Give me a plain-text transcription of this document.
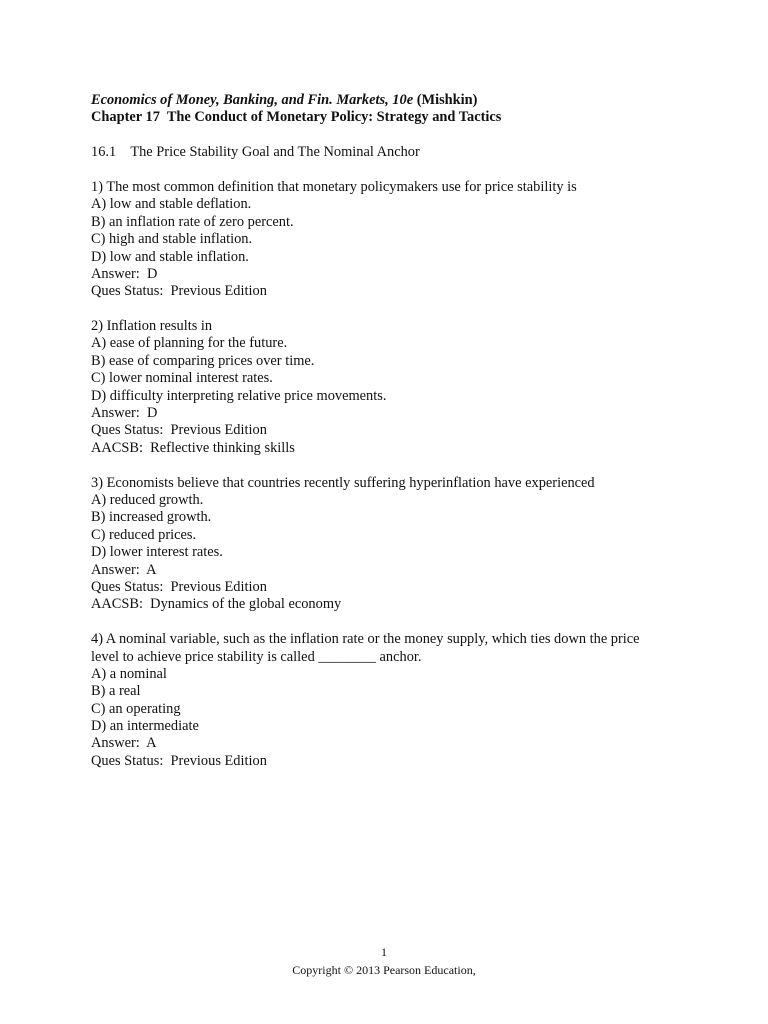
Economics of Money, Banking, and Fin. Markets, 10e (Mishkin)
Chapter 17  The Conduct of Monetary Policy: Strategy and Tactics
16.1    The Price Stability Goal and The Nominal Anchor
1) The most common definition that monetary policymakers use for price stability is
A) low and stable deflation.
B) an inflation rate of zero percent.
C) high and stable inflation.
D) low and stable inflation.
Answer:  D
Ques Status:  Previous Edition
2) Inflation results in
A) ease of planning for the future.
B) ease of comparing prices over time.
C) lower nominal interest rates.
D) difficulty interpreting relative price movements.
Answer:  D
Ques Status:  Previous Edition
AACSB:  Reflective thinking skills
3) Economists believe that countries recently suffering hyperinflation have experienced
A) reduced growth.
B) increased growth.
C) reduced prices.
D) lower interest rates.
Answer:  A
Ques Status:  Previous Edition
AACSB:  Dynamics of the global economy
4) A nominal variable, such as the inflation rate or the money supply, which ties down the price
level to achieve price stability is called ________ anchor.
A) a nominal
B) a real
C) an operating
D) an intermediate
Answer:  A
Ques Status:  Previous Edition
1
Copyright © 2013 Pearson Education,
